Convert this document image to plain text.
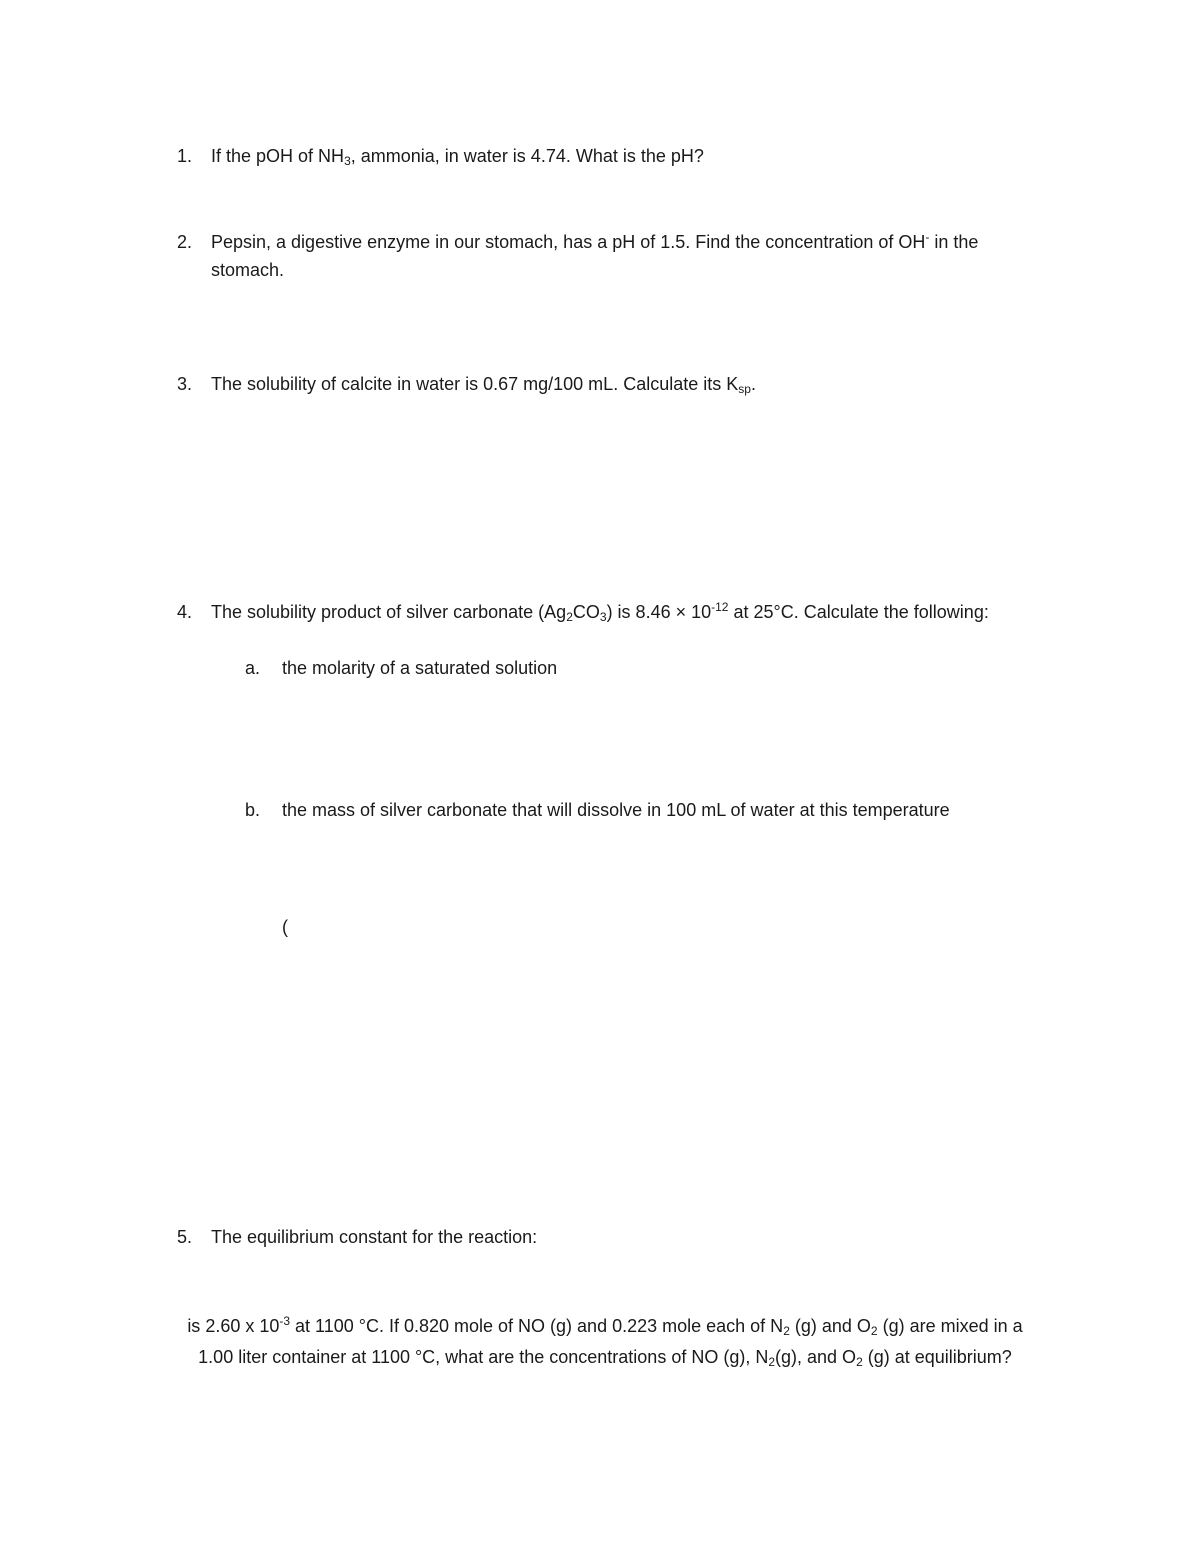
1. If the pOH of $NH_3$, ammonia, in water is 4.74. What is the pH?
2. Pepsin, a digestive enzyme in our stomach, has a pH of 1.5. Find the concentration of OH- in the
stomach.
3. The solubility of calcite in water is 0.67 mg/100 mL. Calculate its $K_{sp}$.
4. The solubility product of silver carbonate $(Ag_2CO_3)$ is $8.46 \times 10^{-12}$ at 25°C. Calculate the following:
a. the molarity of a saturated solution
b. the mass of silver carbonate that will dissolve in 100 mL of water at this temperature
(
5. The equilibrium constant for the reaction:
is 2.60 x $10^{-3}$ at 1100 °C. If 0.820 mole of NO (g) and 0.223 mole each of $N_2$ (g) and $O_2$ (g) are mixed in a
1.00 liter container at 1100 °C, what are the concentrations of NO (g), $N_2(g)$, and $O_2$ (g) at equilibrium?
